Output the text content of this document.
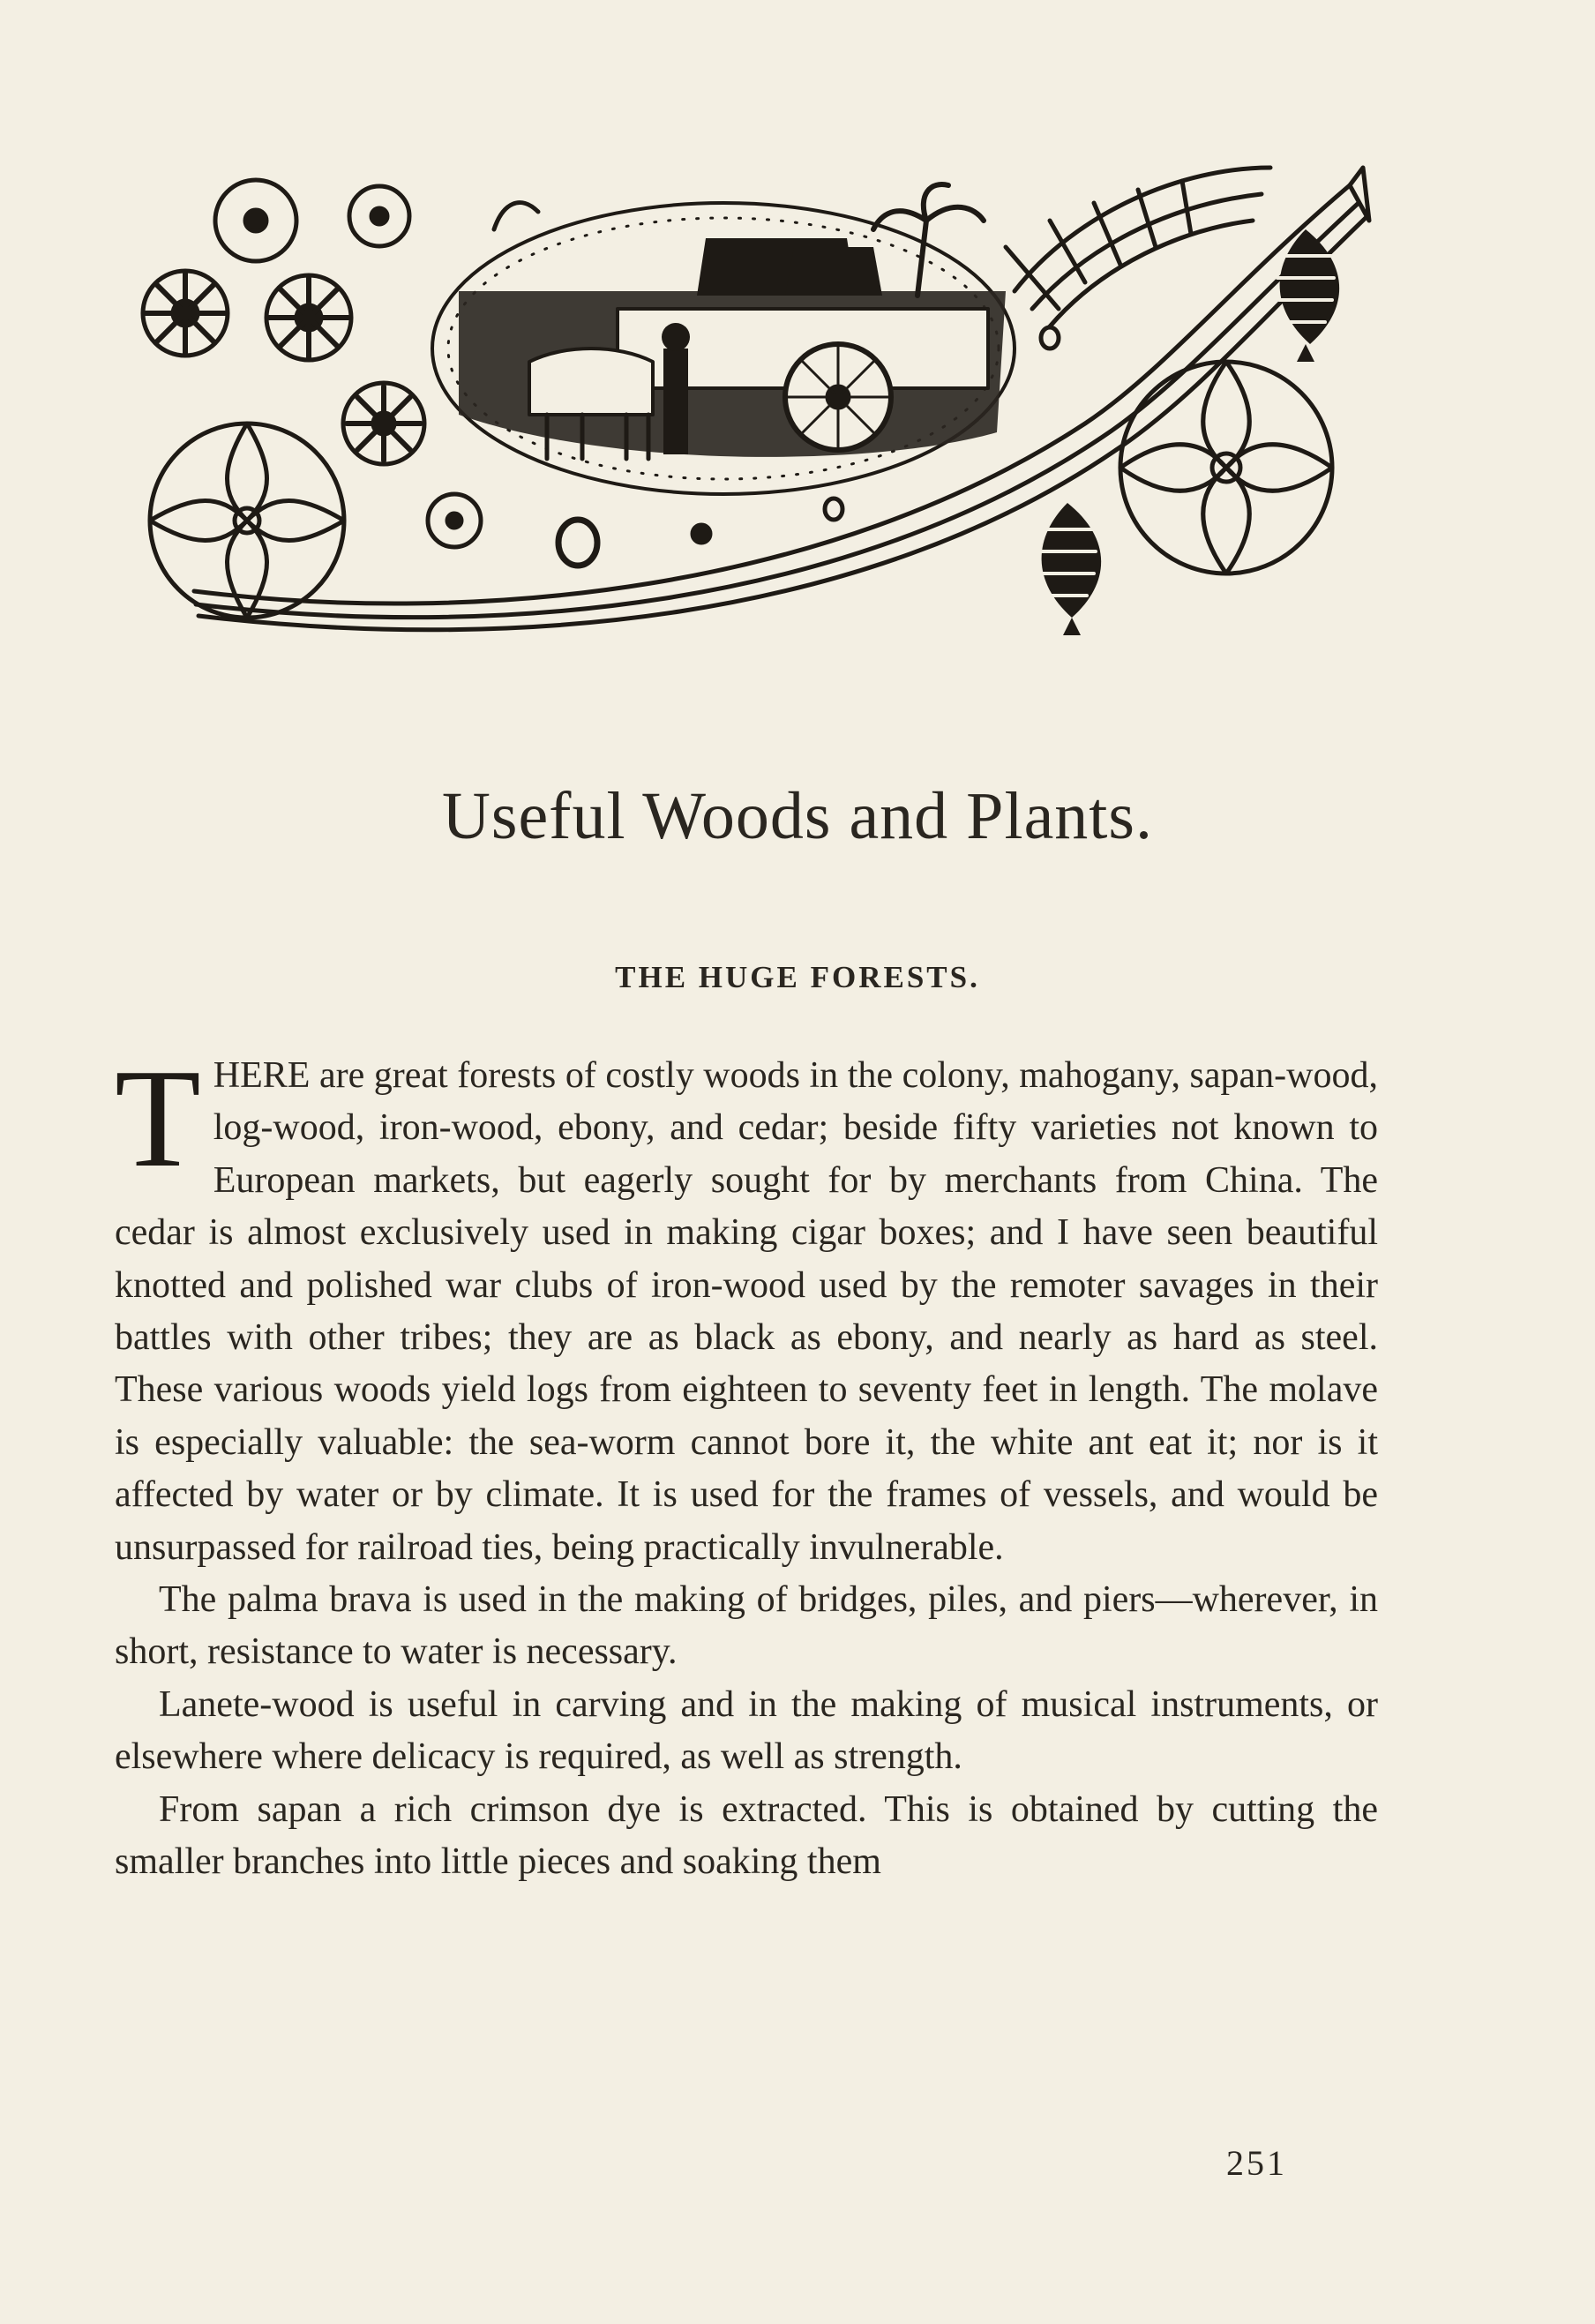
Useful Woods and Plants.
THE HUGE FORESTS.

THERE are great forests of costly woods in the colony, mahogany, sapan-wood, log-wood, iron-wood, ebony, and cedar; beside fifty varieties not known to European markets, but eagerly sought for by merchants from China. The cedar is almost exclusively used in making cigar boxes; and I have seen beautiful knotted and polished war clubs of iron-wood used by the remoter savages in their battles with other tribes; they are as black as ebony, and nearly as hard as steel. These various woods yield logs from eighteen to seventy feet in length. The molave is especially valuable: the sea-worm cannot bore it, the white ant eat it; nor is it affected by water or by climate. It is used for the frames of vessels, and would be unsurpassed for railroad ties, being practically invulnerable.

The palma brava is used in the making of bridges, piles, and piers—wherever, in short, resistance to water is necessary.

Lanete-wood is useful in carving and in the making of musical instruments, or elsewhere where delicacy is required, as well as strength.

From sapan a rich crimson dye is extracted. This is obtained by cutting the smaller branches into little pieces and soaking them

251
